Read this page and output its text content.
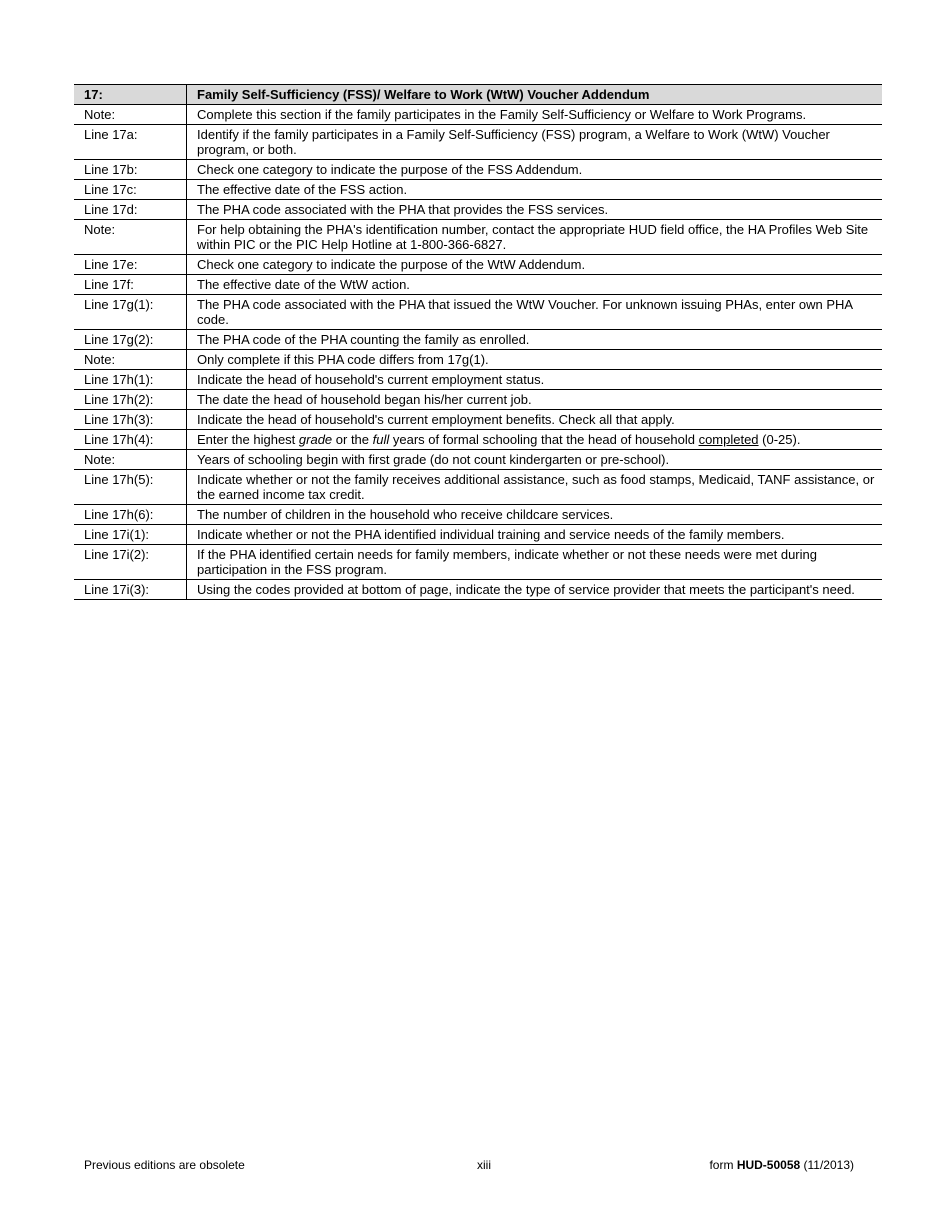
17:	Family Self-Sufficiency (FSS)/ Welfare to Work (WtW) Voucher Addendum
Note:	Complete this section if the family participates in the Family Self-Sufficiency or Welfare to Work Programs.
Line 17a:	Identify if the family participates in a Family Self-Sufficiency (FSS) program, a Welfare to Work (WtW) Voucher program, or both.
Line 17b:	Check one category to indicate the purpose of the FSS Addendum.
Line 17c:	The effective date of the FSS action.
Line 17d:	The PHA code associated with the PHA that provides the FSS services.
Note:	For help obtaining the PHA's identification number, contact the appropriate HUD field office, the HA Profiles Web Site within PIC or the PIC Help Hotline at 1-800-366-6827.
Line 17e:	Check one category to indicate the purpose of the WtW Addendum.
Line 17f:	The effective date of the WtW action.
Line 17g(1):	The PHA code associated with the PHA that issued the WtW Voucher. For unknown issuing PHAs, enter own PHA code.
Line 17g(2):	The PHA code of the PHA counting the family as enrolled.
Note:	Only complete if this PHA code differs from 17g(1).
Line 17h(1):	Indicate the head of household's current employment status.
Line 17h(2):	The date the head of household began his/her current job.
Line 17h(3):	Indicate the head of household's current employment benefits. Check all that apply.
Line 17h(4):	Enter the highest grade or the full years of formal schooling that the head of household completed (0-25).
Note:	Years of schooling begin with first grade (do not count kindergarten or pre-school).
Line 17h(5):	Indicate whether or not the family receives additional assistance, such as food stamps, Medicaid, TANF assistance, or the earned income tax credit.
Line 17h(6):	The number of children in the household who receive childcare services.
Line 17i(1):	Indicate whether or not the PHA identified individual training and service needs of the family members.
Line 17i(2):	If the PHA identified certain needs for family members, indicate whether or not these needs were met during participation in the FSS program.
Line 17i(3):	Using the codes provided at bottom of page, indicate the type of service provider that meets the participant's need.
Previous editions are obsolete	xiii	form HUD-50058 (11/2013)
